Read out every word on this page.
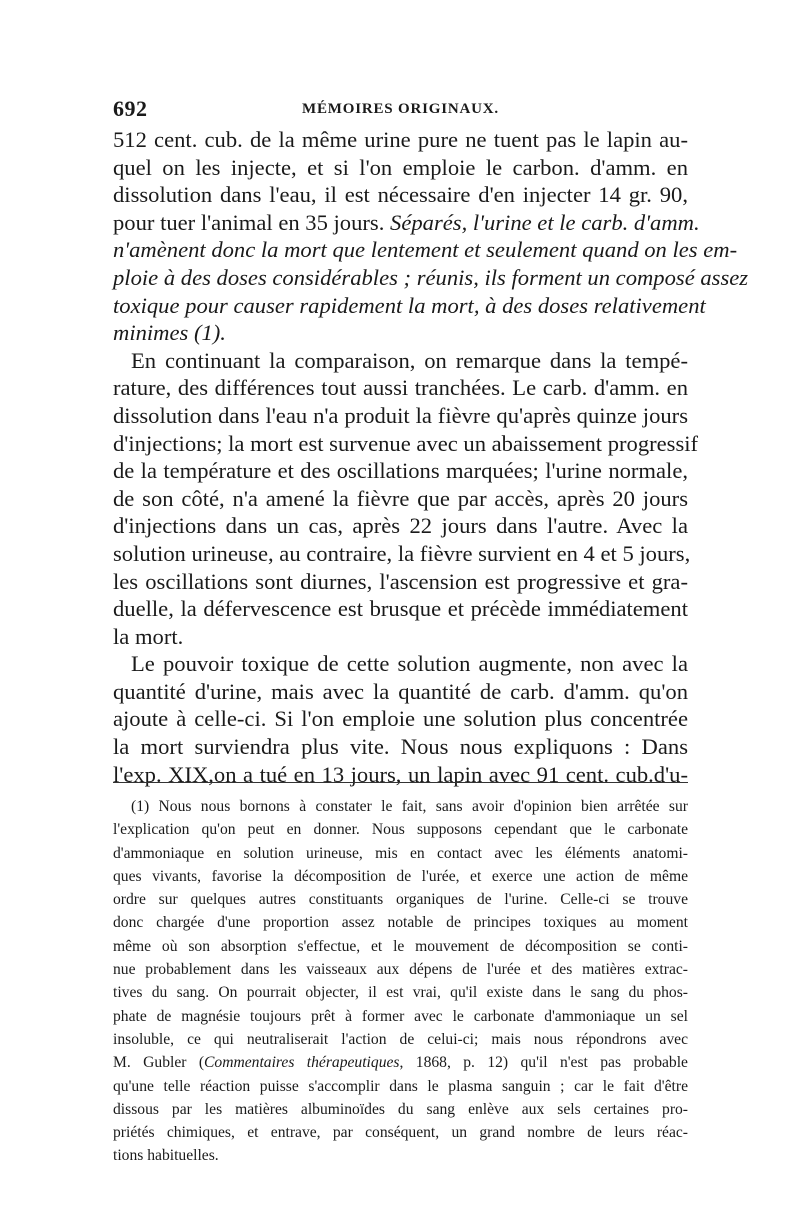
692	MÉMOIRES ORIGINAUX.
512 cent. cub. de la même urine pure ne tuent pas le lapin au-
quel on les injecte, et si l'on emploie le carbon. d'amm. en
dissolution dans l'eau, il est nécessaire d'en injecter 14 gr. 90,
pour tuer l'animal en 35 jours. Séparés, l'urine et le carb. d'amm.
n'amènent donc la mort que lentement et seulement quand on les em-
ploie à des doses considérables ; réunis, ils forment un composé assez
toxique pour causer rapidement la mort, à des doses relativement
minimes (1).
En continuant la comparaison, on remarque dans la tempé-
rature, des différences tout aussi tranchées. Le carb. d'amm. en
dissolution dans l'eau n'a produit la fièvre qu'après quinze jours
d'injections; la mort est survenue avec un abaissement progressif
de la température et des oscillations marquées; l'urine normale,
de son côté, n'a amené la fièvre que par accès, après 20 jours
d'injections dans un cas, après 22 jours dans l'autre. Avec la
solution urineuse, au contraire, la fièvre survient en 4 et 5 jours,
les oscillations sont diurnes, l'ascension est progressive et gra-
duelle, la défervescence est brusque et précède immédiatement
la mort.
Le pouvoir toxique de cette solution augmente, non avec la
quantité d'urine, mais avec la quantité de carb. d'amm. qu'on
ajoute à celle-ci. Si l'on emploie une solution plus concentrée
la mort surviendra plus vite. Nous nous expliquons : Dans
l'exp. XIX,on a tué en 13 jours, un lapin avec 91 cent. cub.d'u-
(1) Nous nous bornons à constater le fait, sans avoir d'opinion bien arrêtée sur
l'explication qu'on peut en donner. Nous supposons cependant que le carbonate
d'ammoniaque en solution urineuse, mis en contact avec les éléments anatomi-
ques vivants, favorise la décomposition de l'urée, et exerce une action de même
ordre sur quelques autres constituants organiques de l'urine. Celle-ci se trouve
donc chargée d'une proportion assez notable de principes toxiques au moment
même où son absorption s'effectue, et le mouvement de décomposition se conti-
nue probablement dans les vaisseaux aux dépens de l'urée et des matières extrac-
tives du sang. On pourrait objecter, il est vrai, qu'il existe dans le sang du phos-
phate de magnésie toujours prêt à former avec le carbonate d'ammoniaque un sel
insoluble, ce qui neutraliserait l'action de celui-ci; mais nous répondrons avec
M. Gubler (Commentaires thérapeutiques, 1868, p. 12) qu'il n'est pas probable
qu'une telle réaction puisse s'accomplir dans le plasma sanguin ; car le fait d'être
dissous par les matières albuminoïdes du sang enlève aux sels certaines pro-
priétés chimiques, et entrave, par conséquent, un grand nombre de leurs réac-
tions habituelles.
